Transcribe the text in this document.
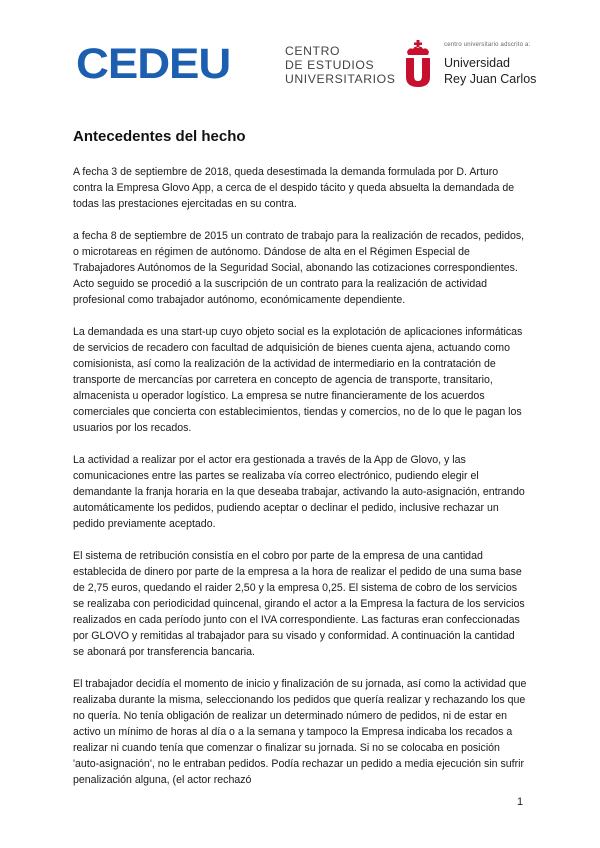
CEDEU	CENTRO
DE ESTUDIOS
UNIVERSITARIOS
centro universitario adscrito a:
Universidad
Rey Juan Carlos
Antecedentes del hecho

A fecha 3 de septiembre de 2018, queda desestimada la demanda formulada por D. Arturo contra la Empresa Glovo App, a cerca de el despido tácito y queda absuelta la demandada de todas las prestaciones ejercitadas en su contra.

a fecha 8 de septiembre de 2015 un contrato de trabajo para la realización de recados, pedidos, o microtareas en régimen de autónomo. Dándose de alta en el Régimen Especial de Trabajadores Autónomos de la Seguridad Social, abonando las cotizaciones correspondientes. Acto seguido se procedió a la suscripción de un contrato para la realización de actividad profesional como trabajador autónomo, económicamente dependiente.

La demandada es una start-up cuyo objeto social es la explotación de aplicaciones informáticas de servicios de recadero con facultad de adquisición de bienes cuenta ajena, actuando como comisionista, así como la realización de la actividad de intermediario en la contratación de transporte de mercancías por carretera en concepto de agencia de transporte, transitario, almacenista u operador logístico. La empresa se nutre financieramente de los acuerdos comerciales que concierta con establecimientos, tiendas y comercios, no de lo que le pagan los usuarios por los recados.

La actividad a realizar por el actor era gestionada a través de la App de Glovo, y las comunicaciones entre las partes se realizaba vía correo electrónico, pudiendo elegir el demandante la franja horaria en la que deseaba trabajar, activando la auto-asignación, entrando automáticamente los pedidos, pudiendo aceptar o declinar el pedido, inclusive rechazar un pedido previamente aceptado.

El sistema de retribución consistía en el cobro por parte de la empresa de una cantidad establecida de dinero por parte de la empresa a la hora de realizar el pedido de una suma base de 2,75 euros, quedando el raider 2,50 y la empresa 0,25. El sistema de cobro de los servicios se realizaba con periodicidad quincenal, girando el actor a la Empresa la factura de los servicios realizados en cada período junto con el IVA correspondiente. Las facturas eran confeccionadas por GLOVO y remitidas al trabajador para su visado y conformidad. A continuación la cantidad se abonará por transferencia bancaria.

El trabajador decidía el momento de inicio y finalización de su jornada, así como la actividad que realizaba durante la misma, seleccionando los pedidos que quería realizar y rechazando los que no quería. No tenía obligación de realizar un determinado número de pedidos, ni de estar en activo un mínimo de horas al día o a la semana y tampoco la Empresa indicaba los recados a realizar ni cuando tenía que comenzar o finalizar su jornada. Si no se colocaba en posición 'auto-asignación', no le entraban pedidos. Podía rechazar un pedido a media ejecución sin sufrir penalización alguna, (el actor rechazó

1
